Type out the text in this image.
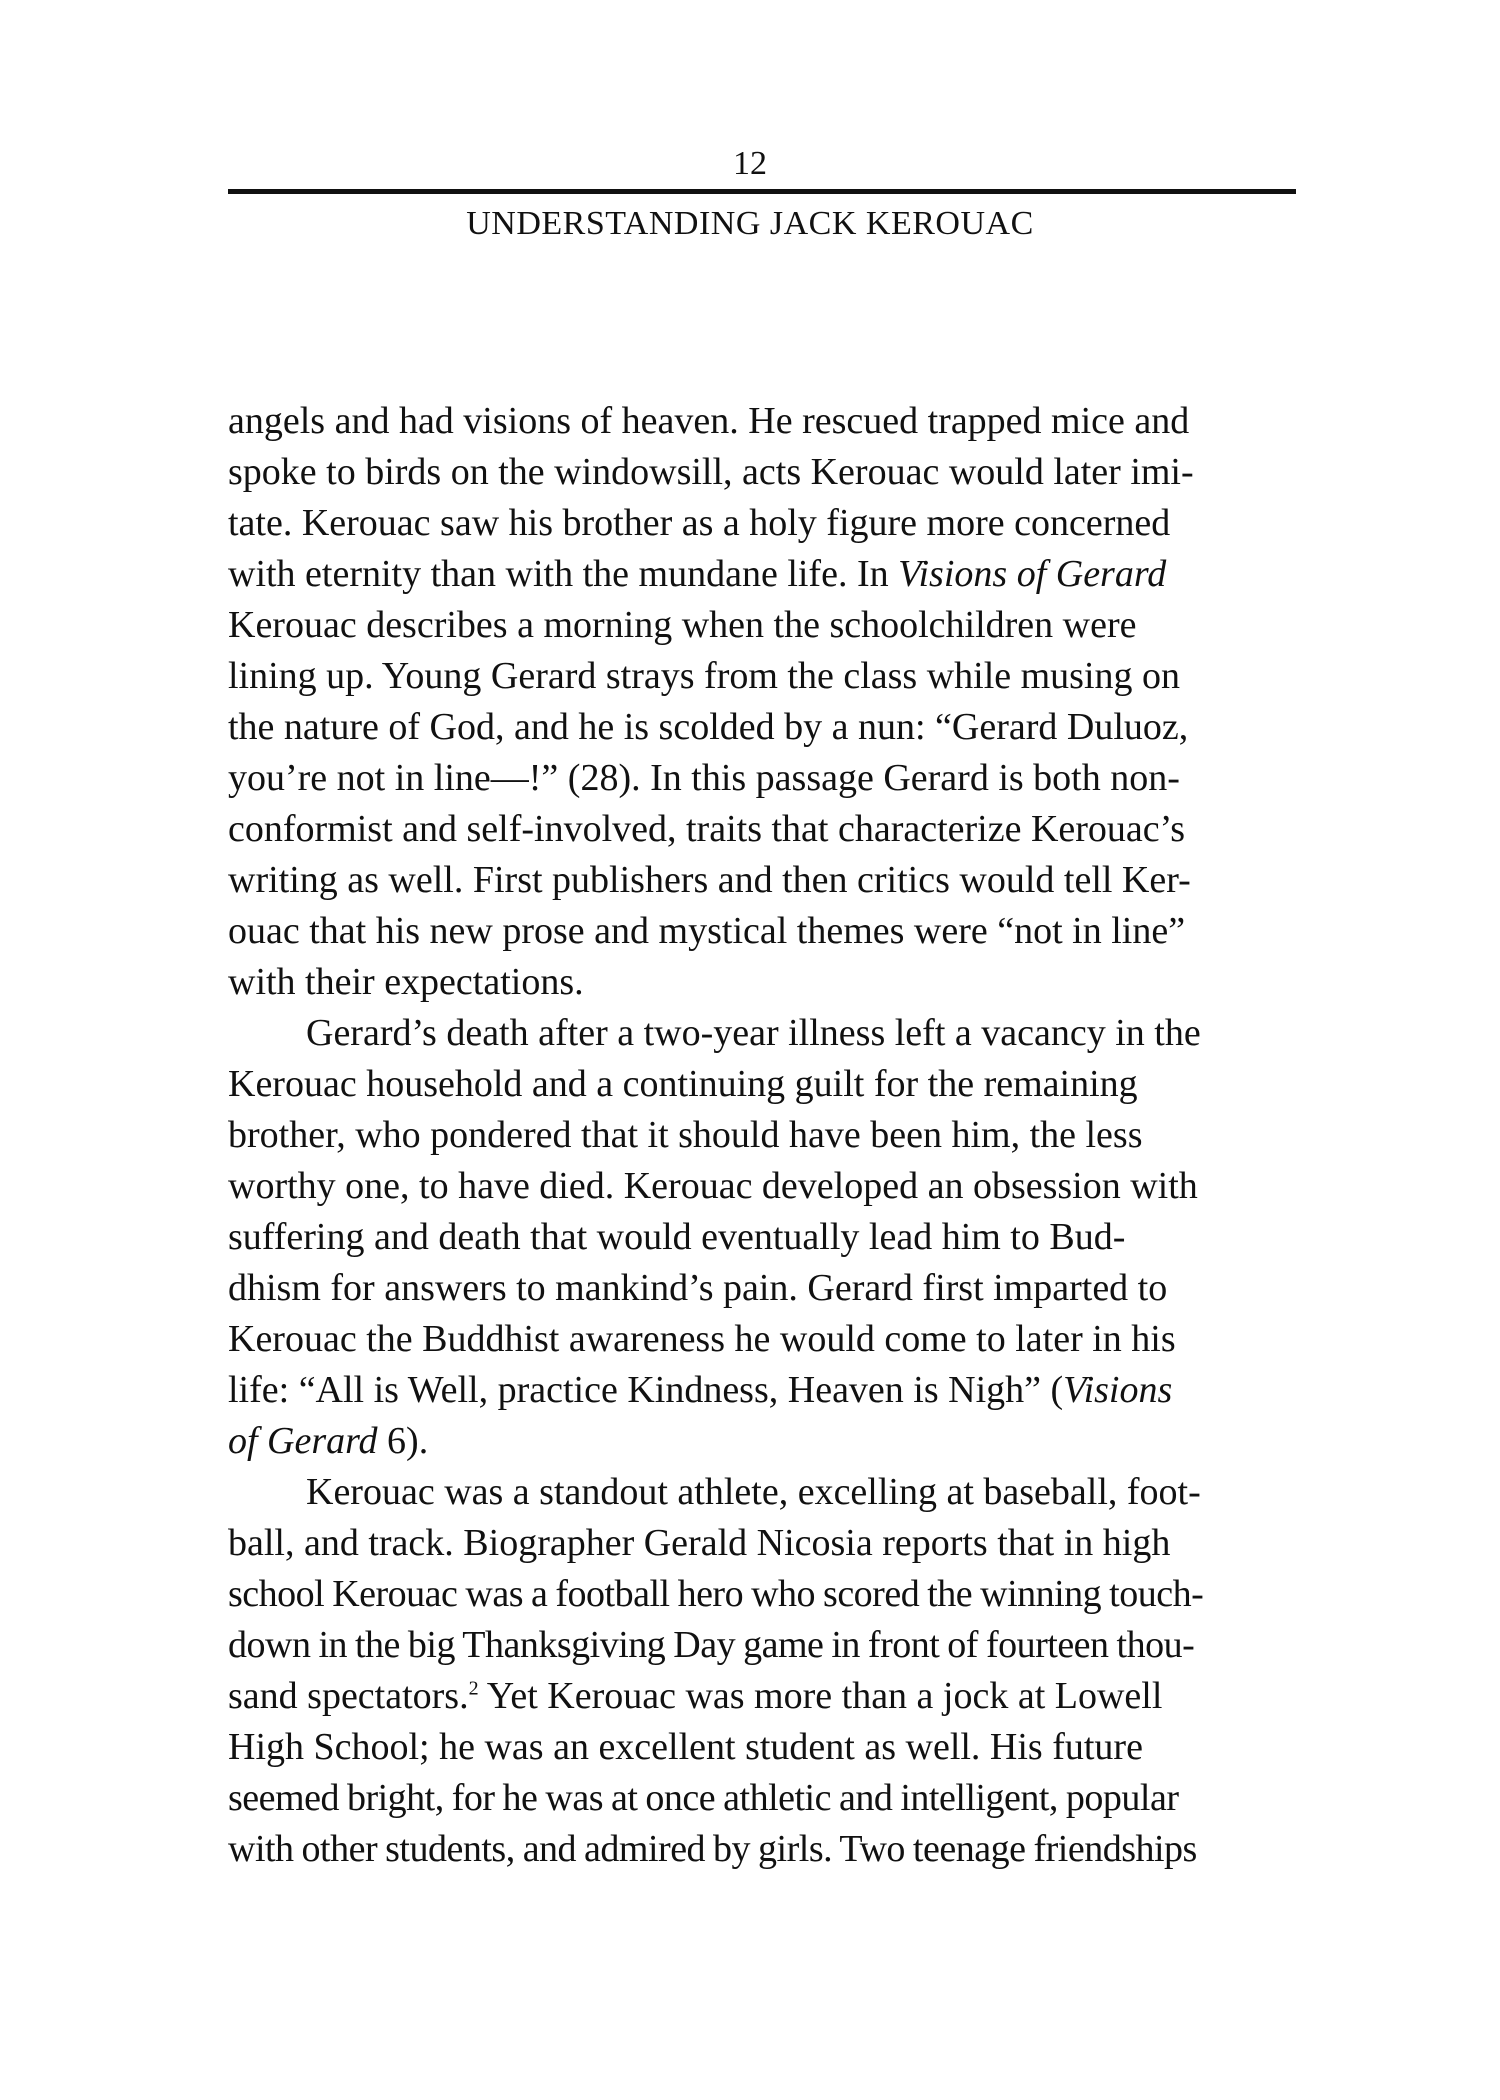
12

UNDERSTANDING JACK KEROUAC

angels and had visions of heaven. He rescued trapped mice and
spoke to birds on the windowsill, acts Kerouac would later imi-
tate. Kerouac saw his brother as a holy figure more concerned
with eternity than with the mundane life. In Visions of Gerard
Kerouac describes a morning when the schoolchildren were
lining up. Young Gerard strays from the class while musing on
the nature of God, and he is scolded by a nun: “Gerard Duluoz,
you’re not in line—!” (28). In this passage Gerard is both non-
conformist and self-involved, traits that characterize Kerouac’s
writing as well. First publishers and then critics would tell Ker-
ouac that his new prose and mystical themes were “not in line”
with their expectations.
Gerard’s death after a two-year illness left a vacancy in the
Kerouac household and a continuing guilt for the remaining
brother, who pondered that it should have been him, the less
worthy one, to have died. Kerouac developed an obsession with
suffering and death that would eventually lead him to Bud-
dhism for answers to mankind’s pain. Gerard first imparted to
Kerouac the Buddhist awareness he would come to later in his
life: “All is Well, practice Kindness, Heaven is Nigh” (Visions
of Gerard 6).
Kerouac was a standout athlete, excelling at baseball, foot-
ball, and track. Biographer Gerald Nicosia reports that in high
school Kerouac was a football hero who scored the winning touch-
down in the big Thanksgiving Day game in front of fourteen thou-
sand spectators.$^2$ Yet Kerouac was more than a jock at Lowell
High School; he was an excellent student as well. His future
seemed bright, for he was at once athletic and intelligent, popular
with other students, and admired by girls. Two teenage friendships
